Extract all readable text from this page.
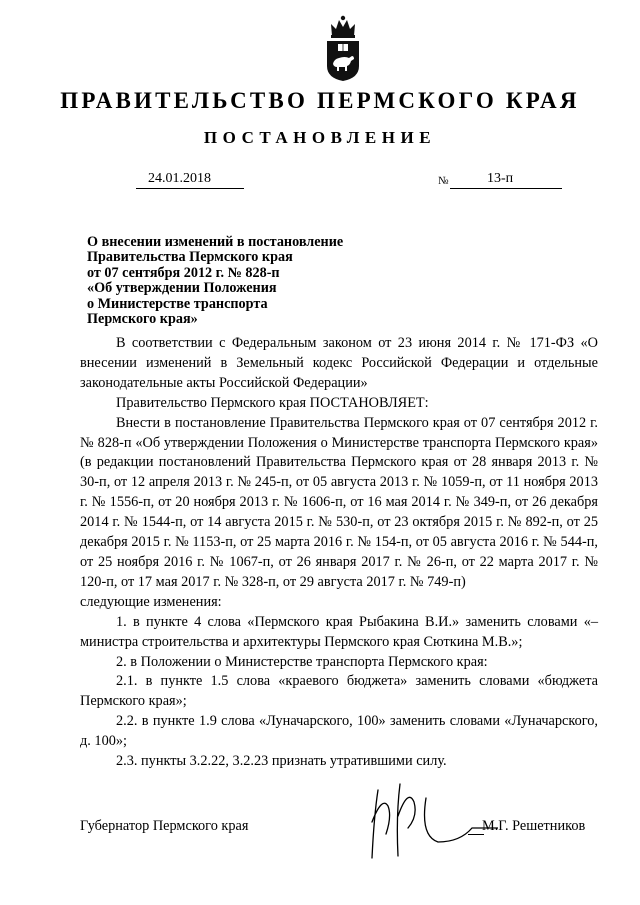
ПРАВИТЕЛЬСТВО ПЕРМСКОГО КРАЯ
ПОСТАНОВЛЕНИЕ
24.01.2018	№	13-п
О внесении изменений в постановление
Правительства Пермского края
от 07 сентября 2012 г. № 828-п
«Об утверждении Положения
о Министерстве транспорта
Пермского края»

В соответствии с Федеральным законом от 23 июня 2014 г. № 171-ФЗ «О внесении изменений в Земельный кодекс Российской Федерации и отдельные законодательные акты Российской Федерации»

Правительство Пермского края ПОСТАНОВЛЯЕТ:

Внести в постановление Правительства Пермского края от 07 сентября 2012 г. № 828-п «Об утверждении Положения о Министерстве транспорта Пермского края» (в редакции постановлений Правительства Пермского края от 28 января 2013 г. № 30-п, от 12 апреля 2013 г. № 245-п, от 05 августа 2013 г. № 1059-п, от 11 ноября 2013 г. № 1556-п, от 20 ноября 2013 г. № 1606-п, от 16 мая 2014 г. № 349-п, от 26 декабря 2014 г. № 1544-п, от 14 августа 2015 г. № 530-п, от 23 октября 2015 г. № 892-п, от 25 декабря 2015 г. № 1153-п, от 25 марта 2016 г. № 154-п, от 05 августа 2016 г. № 544-п, от 25 ноября 2016 г. № 1067-п, от 26 января 2017 г. № 26-п, от 22 марта 2017 г. № 120-п, от 17 мая 2017 г. № 328-п, от 29 августа 2017 г. № 749-п)

следующие изменения:

1. в пункте 4 слова «Пермского края Рыбакина В.И.» заменить словами «– министра строительства и архитектуры Пермского края Сюткина М.В.»;

2. в Положении о Министерстве транспорта Пермского края:

2.1. в пункте 1.5 слова «краевого бюджета» заменить словами «бюджета Пермского края»;

2.2. в пункте 1.9 слова «Луначарского, 100» заменить словами «Луначарского, д. 100»;

2.3. пункты 3.2.22, 3.2.23 признать утратившими силу.

Губернатор Пермского края	М.Г. Решетников
